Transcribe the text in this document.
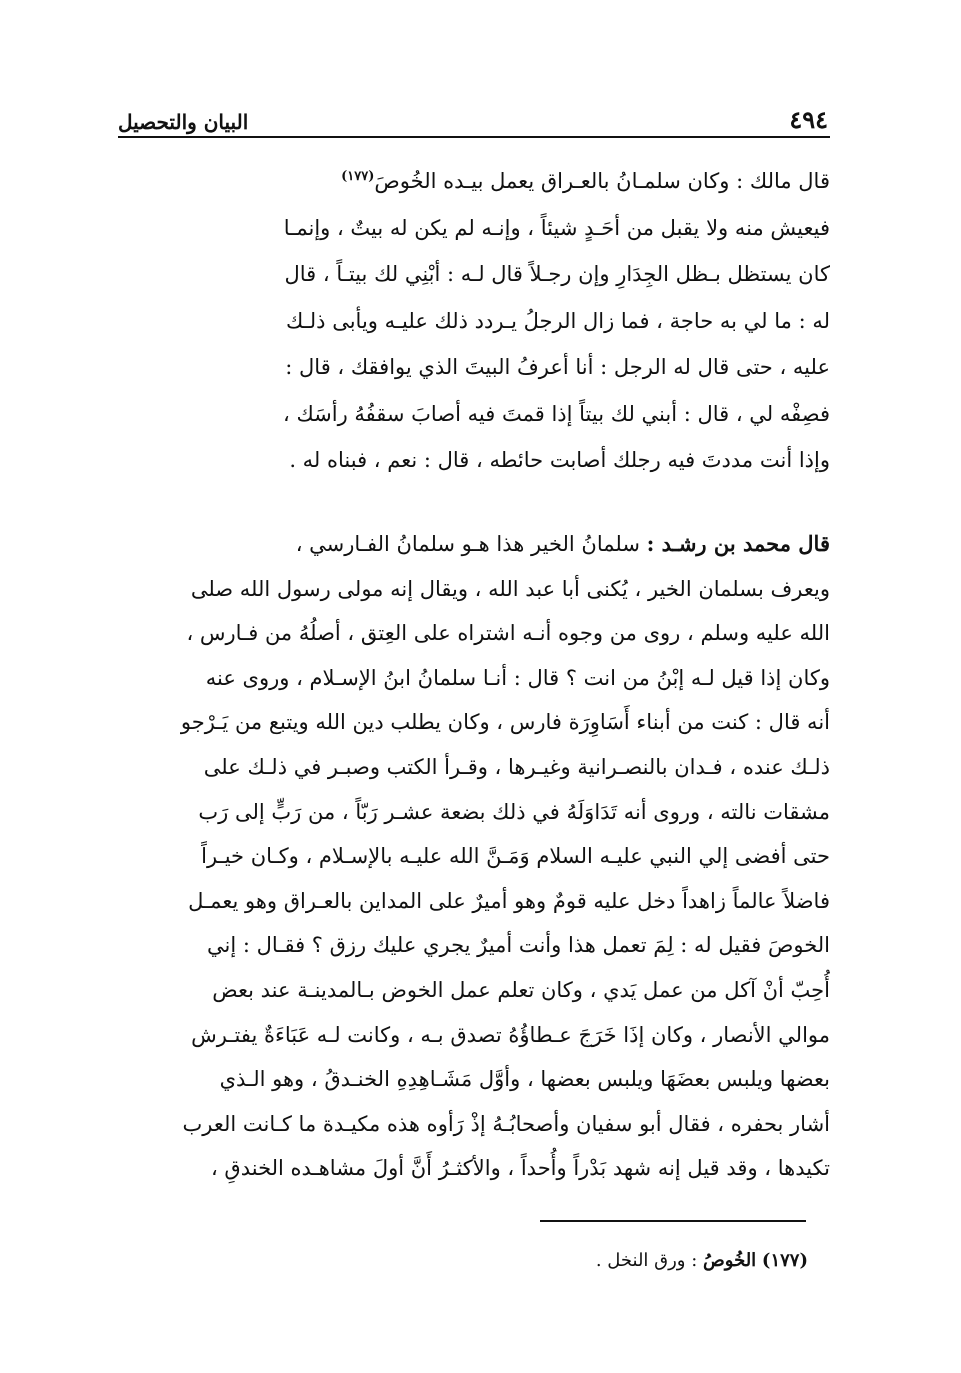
٤٩٤
البيان والتحصيل
قال مالك : وكان سلمـانُ بالعـراق يعمل بيـده الخُوصَ$^{(١٧٧)}$
فيعيش منه ولا يقبل من أحَـدٍ شيئاً ، وإنـه لم يكن له بيتٌ ، وإنمـا
كان يستظل بـظل الجِدَارِ وإن رجـلاً قال لـه : أبْنِي لك بيتـاً ، قال
له : ما لي به حاجة ، فما زال الرجلُ يـردد ذلك عليـه ويأبى ذلـك
عليه ، حتى قال له الرجل : أنا أعرفُ البيتَ الذي يوافقك ، قال :
فصِفْه لي ، قال : أبني لك بيتاً إذا قمتَ فيه أصابَ سقفُهُ رأسَك ،
وإذا أنت مددتَ فيه رجلك أصابت حائطه ، قال : نعم ، فبناه له .
قال محمد بن رشـد : سلمانُ الخير هذا هـو سلمانُ الفـارسي ،
ويعرف بسلمان الخير ، يُكنى أبا عبد الله ، ويقال إنه مولى رسول الله صلى
الله عليه وسلم ، روى من وجوه أنـه اشتراه على العِتق ، أصلُهُ من فـارس ،
وكان إذا قيل لـه إبْنُ من انت ؟ قال : أنـا سلمانُ ابنُ الإسـلام ، وروى عنه
أنه قال : كنت من أبناء أَسَاوِرَة فارس ، وكان يطلب دين الله ويتبع من يَـرْجو
ذلـك عنده ، فـدان بالنصـرانية وغيـرها ، وقـرأ الكتب وصبـر في ذلـك على
مشقات نالته ، وروى أنه تَدَاوَلَهُ في ذلك بضعة عشـر رَبّاً ، من رَبٍّ إلى رَب
حتى أفضى إلي النبي عليـه السلام وَمَـنَّ الله عليـه بالإسـلام ، وكـان خيـراً
فاضلاً عالماً زاهداً دخل عليه قومٌ وهو أميرٌ على المداين بالعـراق وهو يعمـل
الخوصَ فقيل له : لِمَ تعمل هذا وأنت أميرٌ يجري عليك رزق ؟ فقـال : إني
أُحِبّ أنْ آكل من عمل يَدي ، وكان تعلم عمل الخوض بـالمدينـة عند بعض
موالي الأنصار ، وكان إذَا خَرَجَ عـطاؤُهُ تصدق بـه ، وكانت لـه عَبَاءَةٌ يفتـرش
بعضها ويلبس بعضَهَا ويلبس بعضها ، وأوَّل مَشَـاهِدِهِ الخنـدقُ ، وهو الـذي
أشار بحفره ، فقال أبو سفيان وأصحابُـهُ إذْ رَأوه هذه مكيـدة ما كـانت العرب
تكيدها ، وقد قيل إنه شهد بَدْراً وأُحداً ، والأكثـرُ أَنَّ أولَ مشاهـده الخندقِ ،
(١٧٧) الخُوصُ : ورق النخل .
